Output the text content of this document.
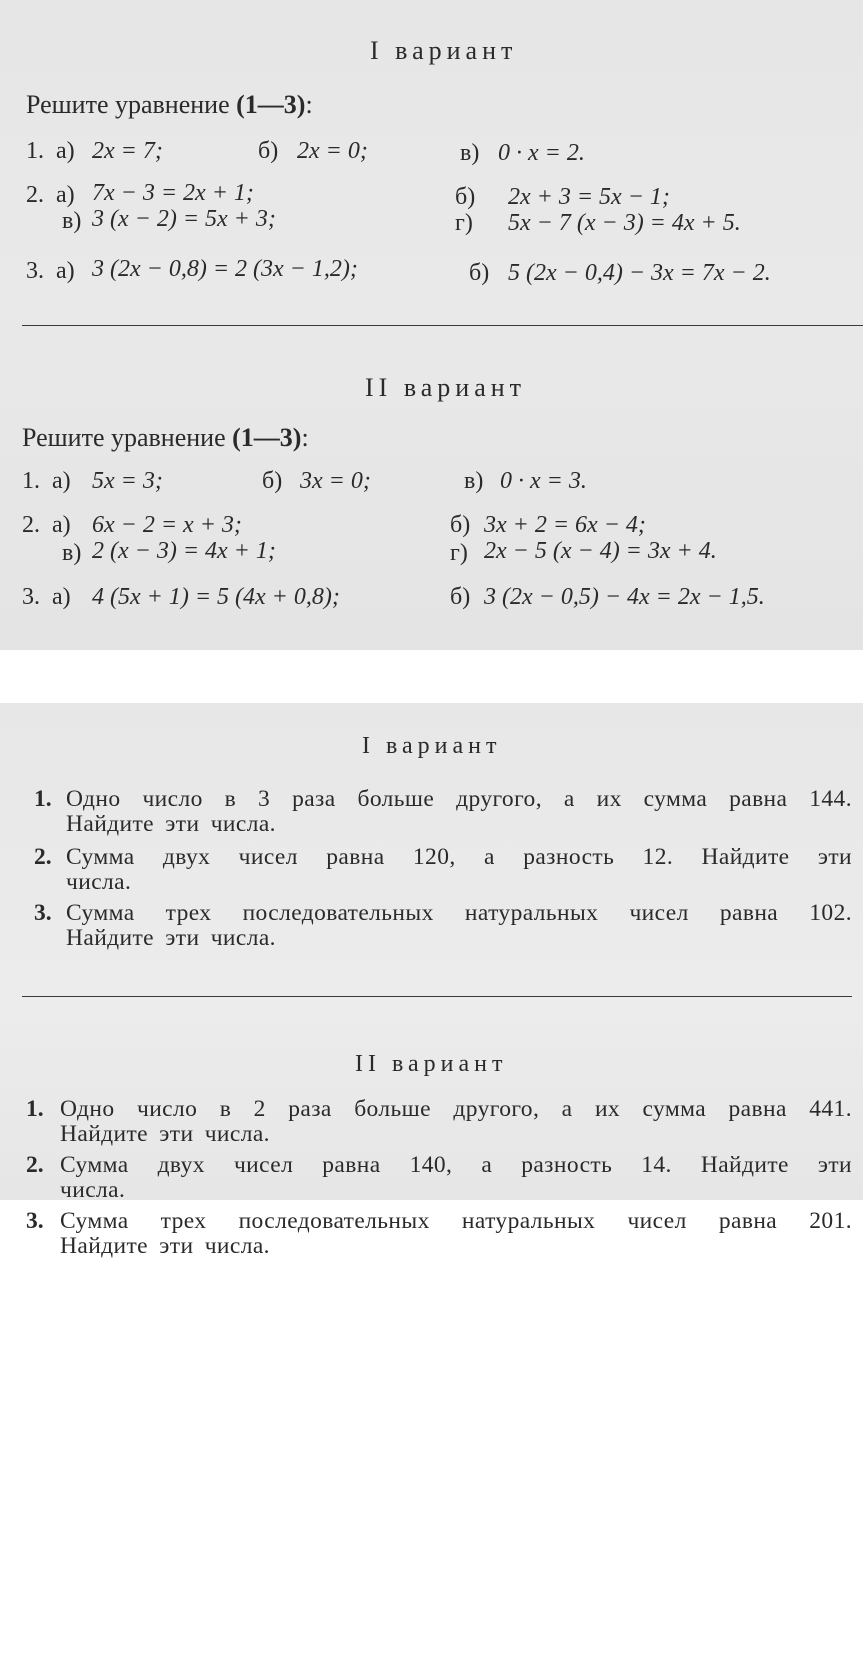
I вариант
Решите уравнение (1—3):
1. а) 2x = 7;	б) 2x = 0;	в) 0 · x = 2.
2. а) 7x − 3 = 2x + 1;	б) 2x + 3 = 5x − 1;
в) 3 (x − 2) = 5x + 3;	г) 5x − 7 (x − 3) = 4x + 5.
3. а) 3 (2x − 0,8) = 2 (3x − 1,2);	б) 5 (2x − 0,4) − 3x = 7x − 2.
II вариант
Решите уравнение (1—3):
1. а) 5x = 3;	б) 3x = 0;	в) 0 · x = 3.
2. а) 6x − 2 = x + 3;	б) 3x + 2 = 6x − 4;
в) 2 (x − 3) = 4x + 1;	г) 2x − 5 (x − 4) = 3x + 4.
3. а) 4 (5x + 1) = 5 (4x + 0,8);	б) 3 (2x − 0,5) − 4x = 2x − 1,5.
I вариант
1. Одно число в 3 раза больше другого, а их сумма равна 144.
Найдите эти числа.
2. Сумма двух чисел равна 120, а разность 12. Найдите эти
числа.
3. Сумма трех последовательных натуральных чисел равна 102.
Найдите эти числа.
II вариант
1. Одно число в 2 раза больше другого, а их сумма равна 441.
Найдите эти числа.
2. Сумма двух чисел равна 140, а разность 14. Найдите эти
числа.
3. Сумма трех последовательных натуральных чисел равна 201.
Найдите эти числа.
